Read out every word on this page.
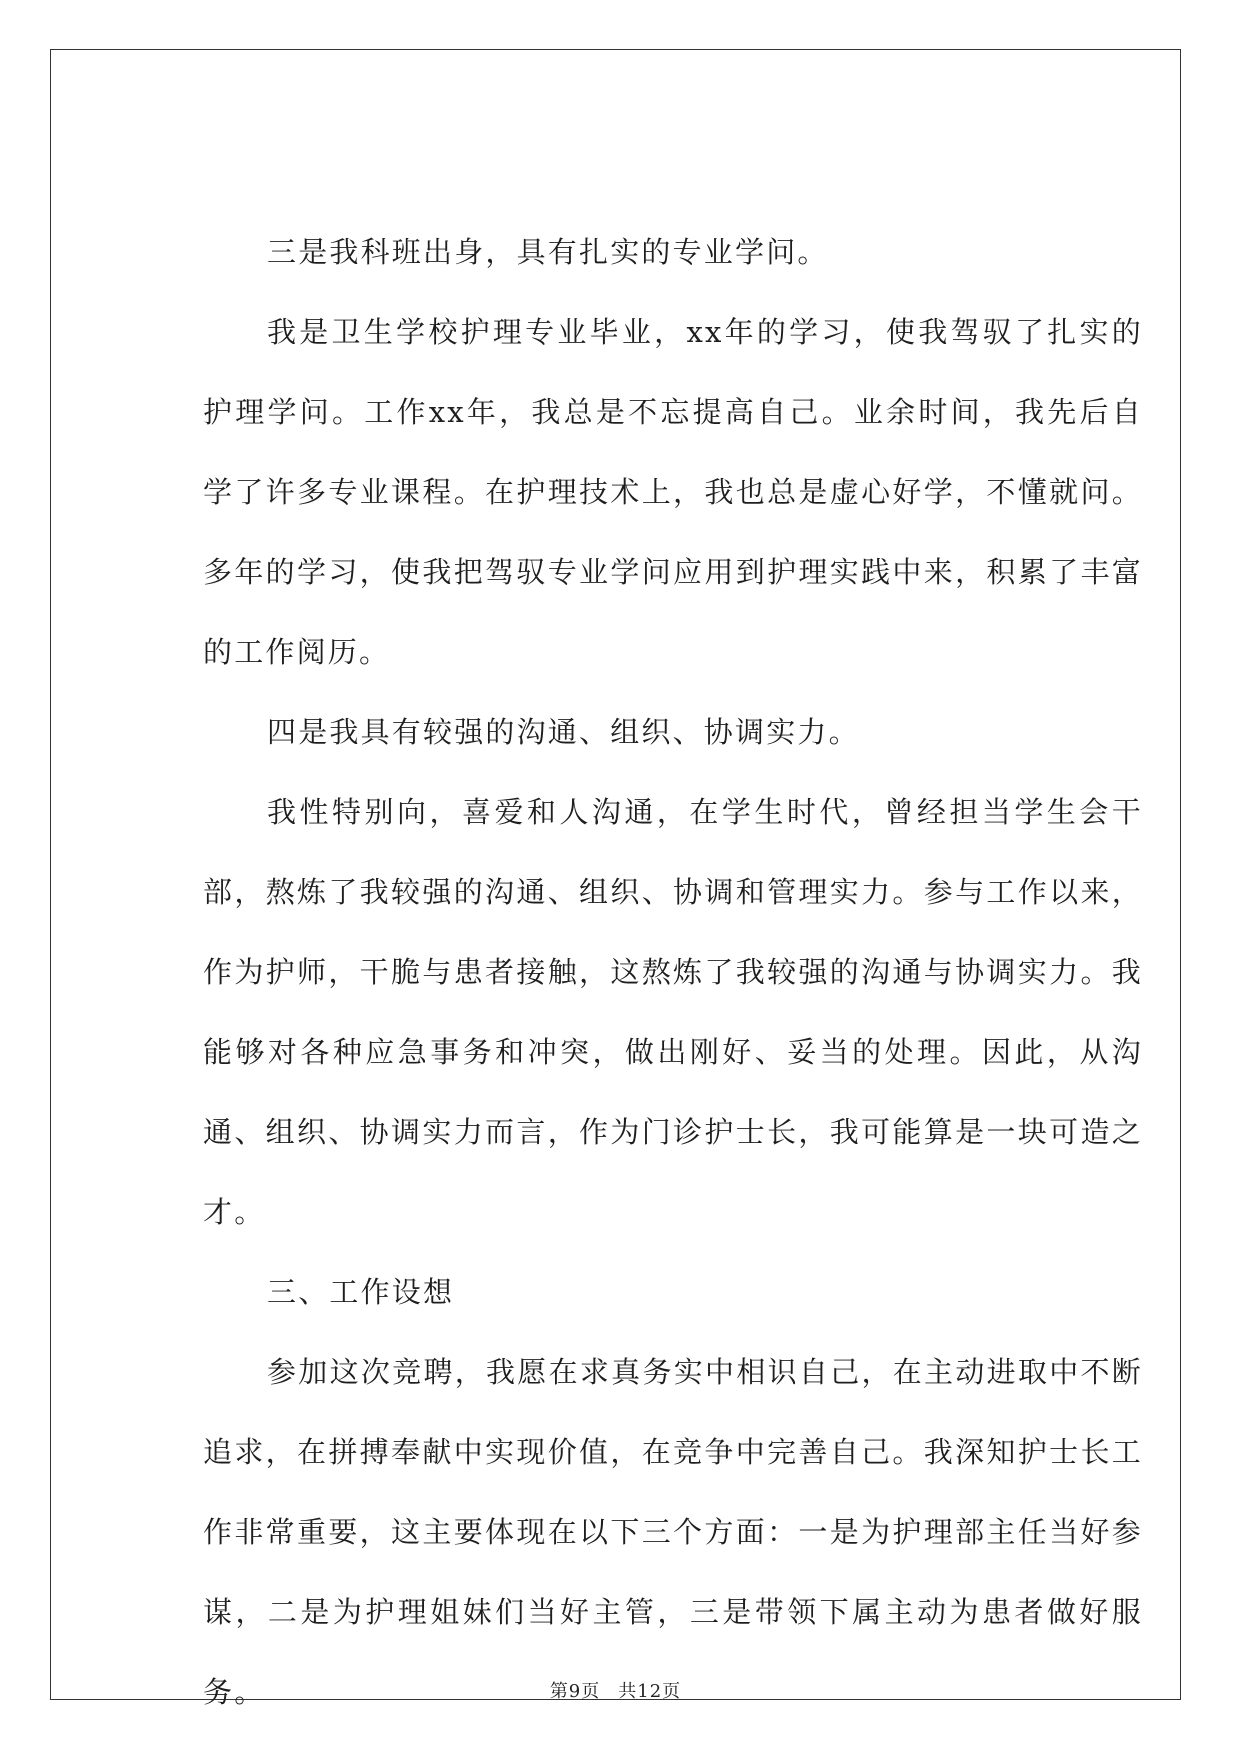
三是我科班出身，具有扎实的专业学问。

我是卫生学校护理专业毕业，xx年的学习，使我驾驭了扎实的护理学问。工作xx年，我总是不忘提高自己。业余时间，我先后自学了许多专业课程。在护理技术上，我也总是虚心好学，不懂就问。多年的学习，使我把驾驭专业学问应用到护理实践中来，积累了丰富的工作阅历。

四是我具有较强的沟通、组织、协调实力。

我性特别向，喜爱和人沟通，在学生时代，曾经担当学生会干部，熬炼了我较强的沟通、组织、协调和管理实力。参与工作以来，作为护师，干脆与患者接触，这熬炼了我较强的沟通与协调实力。我能够对各种应急事务和冲突，做出刚好、妥当的处理。因此，从沟通、组织、协调实力而言，作为门诊护士长，我可能算是一块可造之才。

三、工作设想

参加这次竞聘，我愿在求真务实中相识自己，在主动进取中不断追求，在拼搏奉献中实现价值，在竞争中完善自己。我深知护士长工作非常重要，这主要体现在以下三个方面：一是为护理部主任当好参谋，二是为护理姐妹们当好主管，三是带领下属主动为患者做好服务。	第9页 共12页
